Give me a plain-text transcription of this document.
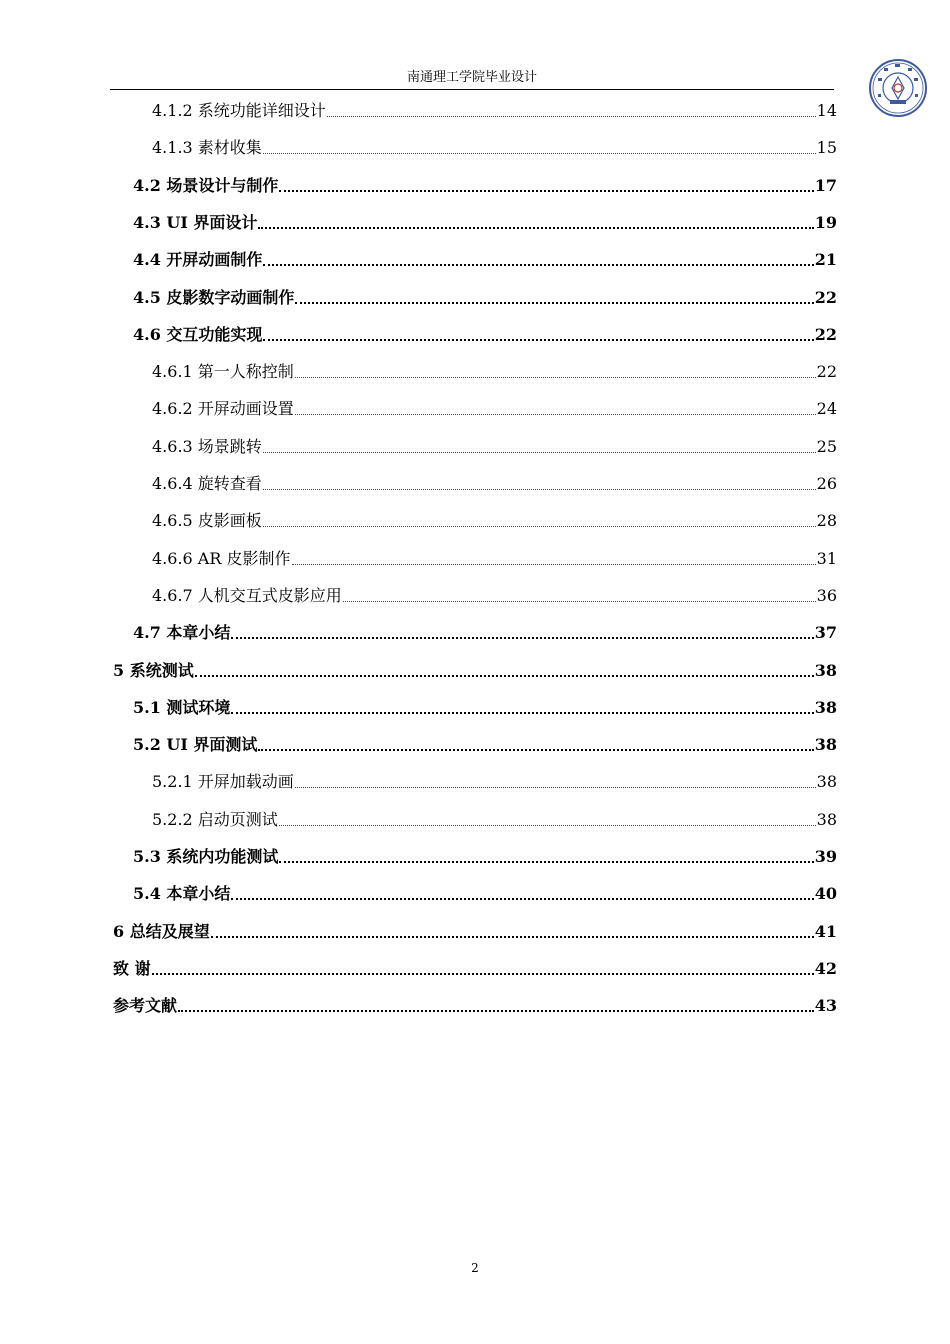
南通理工学院毕业设计
4.1.2 系统功能详细设计	14
4.1.3 素材收集	15
4.2 场景设计与制作	17
4.3 UI 界面设计	19
4.4 开屏动画制作	21
4.5 皮影数字动画制作	22
4.6 交互功能实现	22
4.6.1 第一人称控制	22
4.6.2 开屏动画设置	24
4.6.3 场景跳转	25
4.6.4 旋转查看	26
4.6.5 皮影画板	28
4.6.6 AR 皮影制作	31
4.6.7 人机交互式皮影应用	36
4.7 本章小结	37
5 系统测试	38
5.1 测试环境	38
5.2 UI 界面测试	38
5.2.1 开屏加载动画	38
5.2.2 启动页测试	38
5.3 系统内功能测试	39
5.4 本章小结	40
6 总结及展望	41
致 谢	42
参考文献	43
2
